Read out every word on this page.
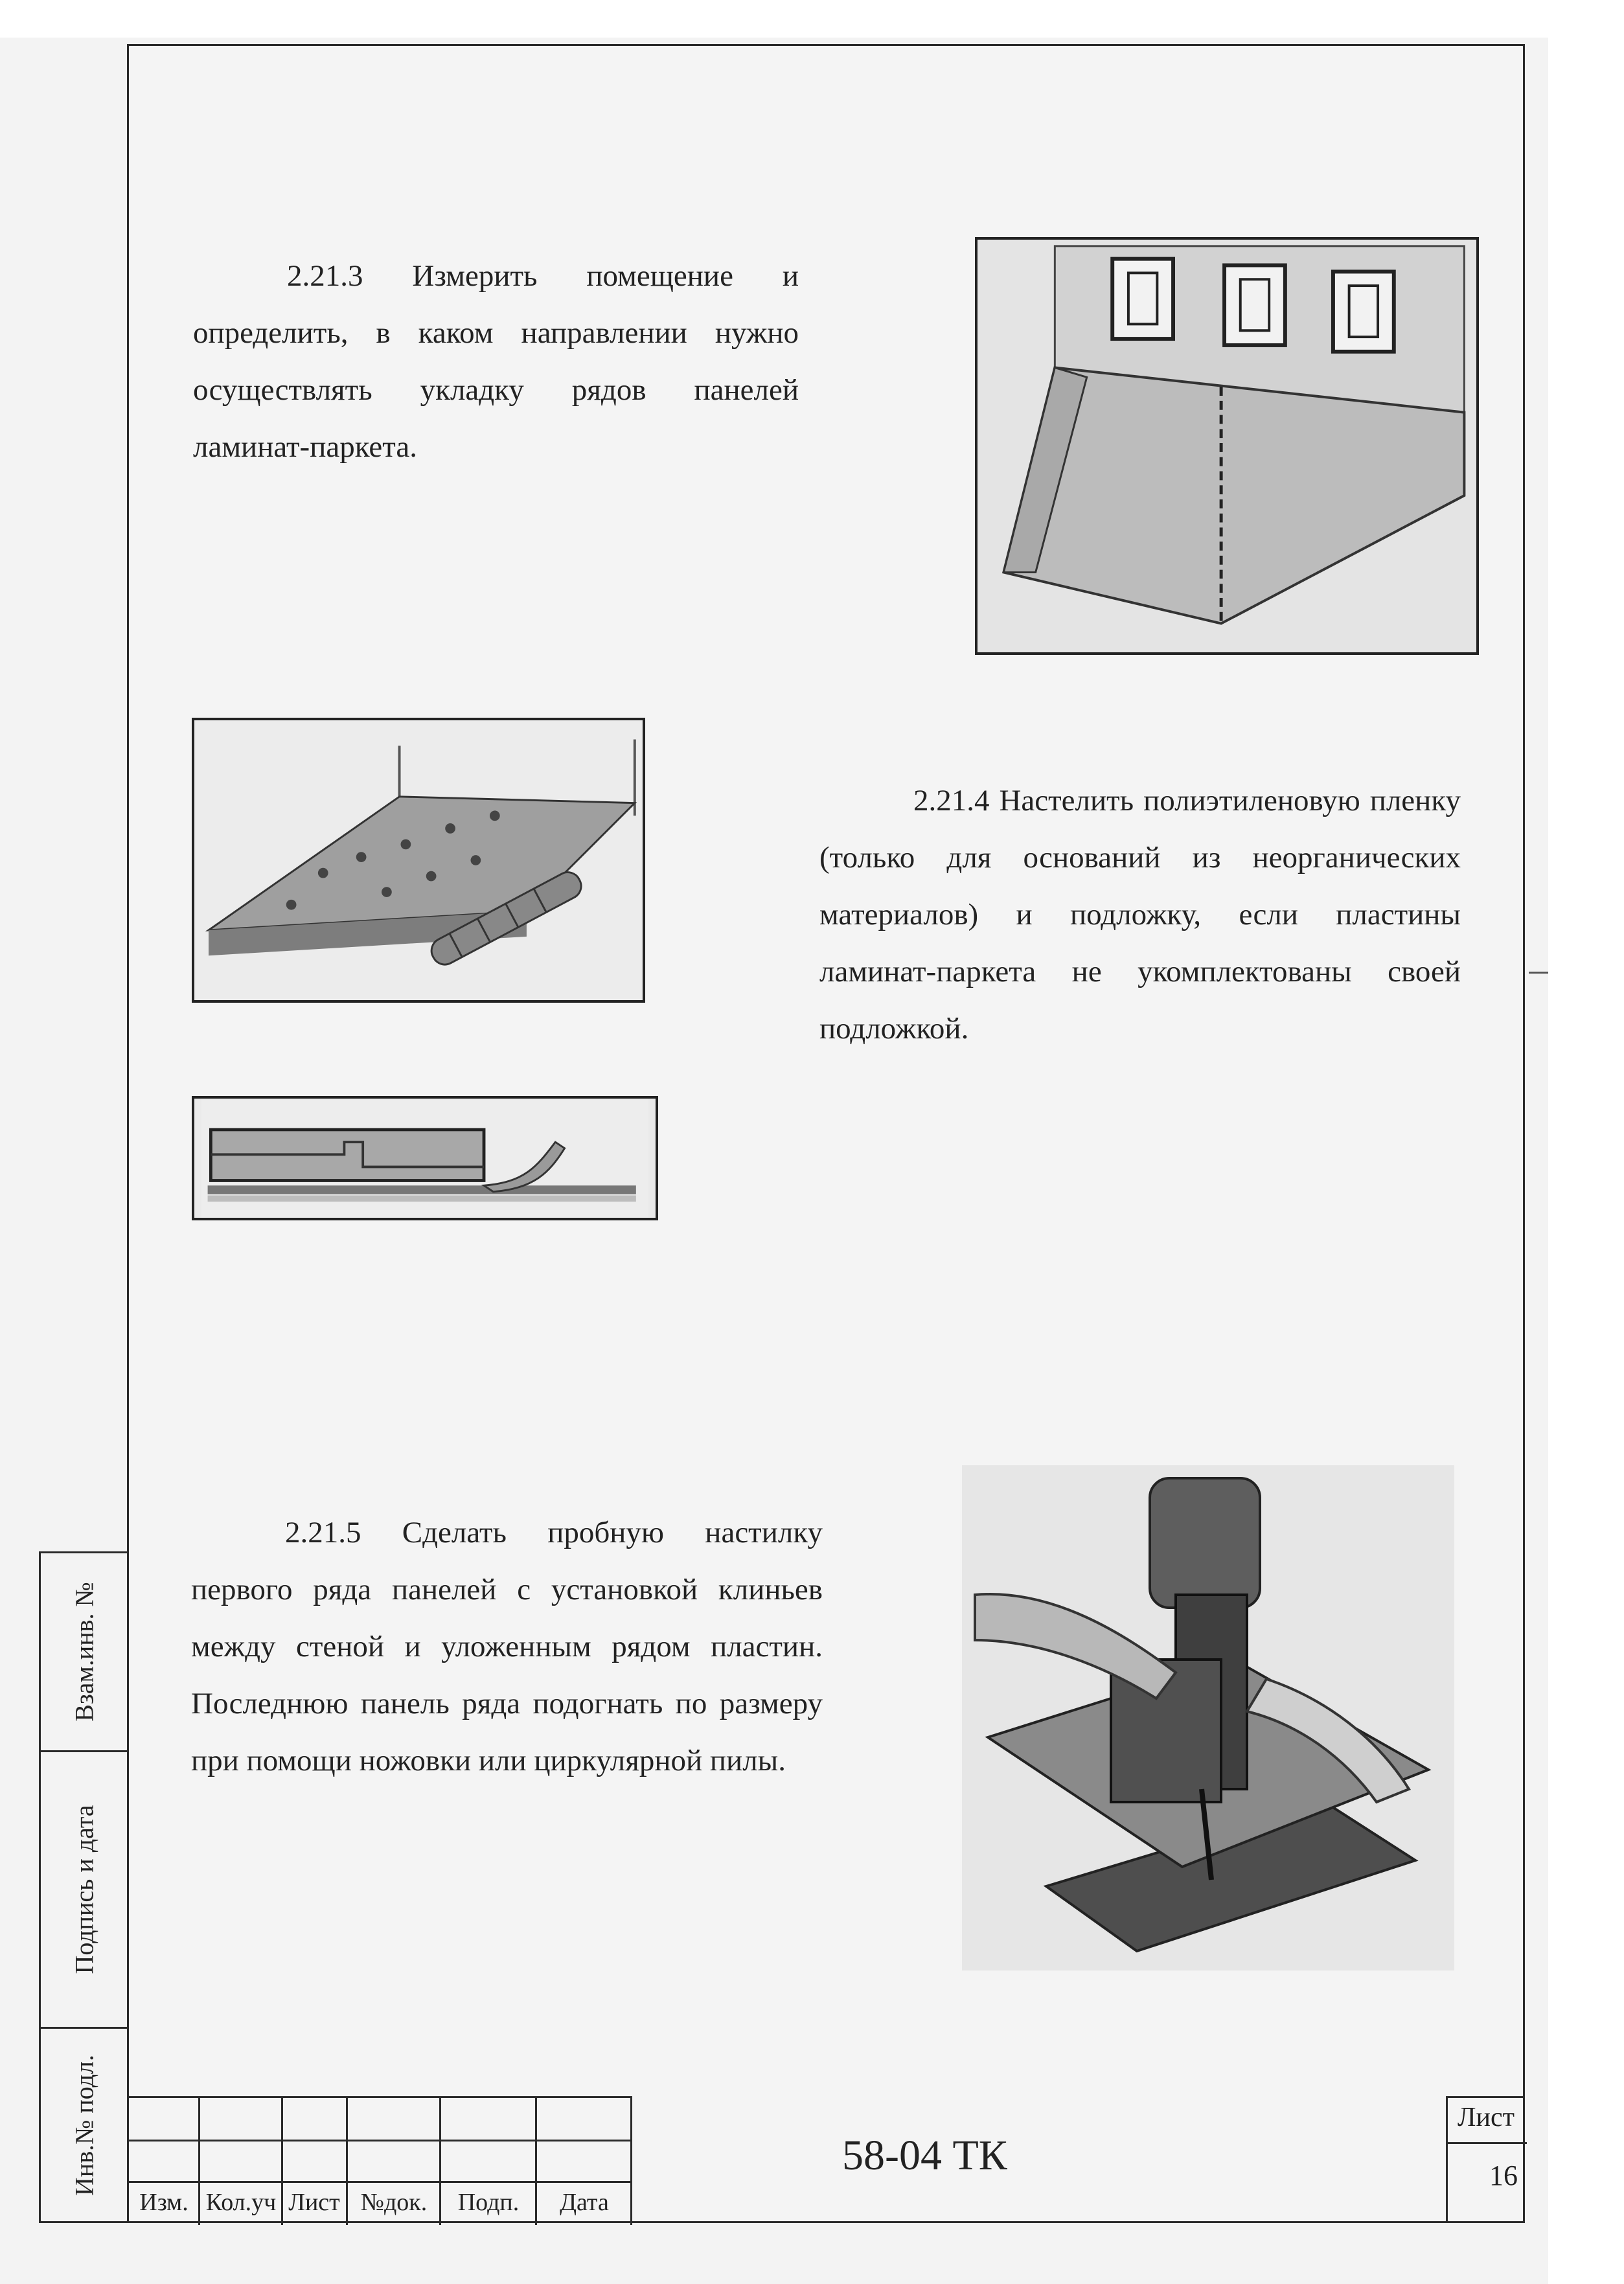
2.21.3 Измерить помещение и определить, в каком направлении нужно осуществлять укладку рядов панелей ламинат-паркета.

2.21.4 Настелить полиэтиленовую пленку (только для оснований из неорганических материалов) и подложку, если пластины ламинат-паркета не укомплектованы своей подложкой.

2.21.5 Сделать пробную настилку первого ряда панелей с установкой клиньев между стеной и уложенным рядом пластин. Последнюю панель ряда подогнать по размеру при помощи ножовки или циркулярной пилы.

Взам.инв. №
Подпись и дата
Инв.№ подл.
Изм. Кол.уч Лист №док.	Подп.	Дата
58-04 ТК
Лист
16
